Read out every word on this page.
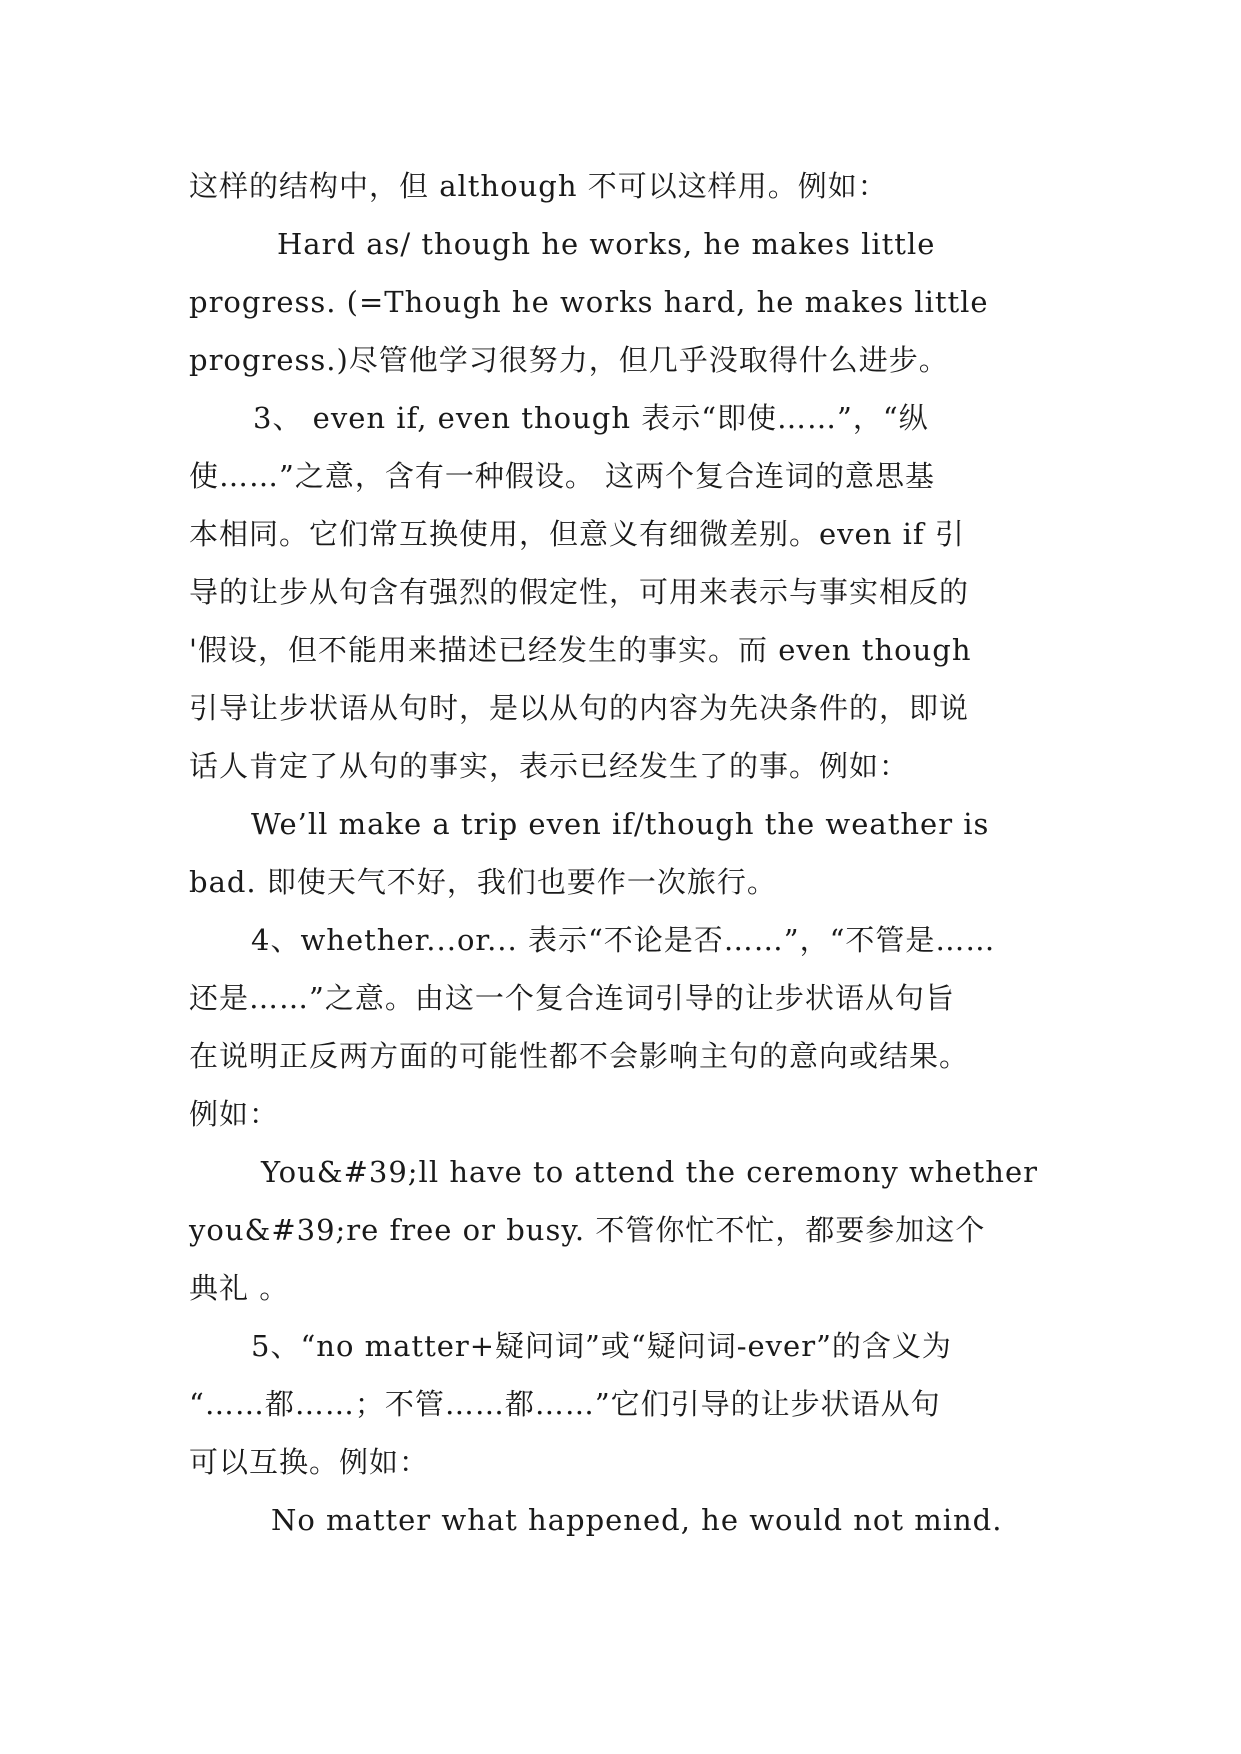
这样的结构中，但 although 不可以这样用。例如：
Hard as/ though he works, he makes little
progress. (=Though he works hard, he makes little
progress.)尽管他学习很努力，但几乎没取得什么进步。
3、 even if, even though 表示“即使……”，“纵
使……”之意，含有一种假设。 这两个复合连词的意思基
本相同。它们常互换使用，但意义有细微差别。even if 引
导的让步从句含有强烈的假定性，可用来表示与事实相反的
'假设，但不能用来描述已经发生的事实。而 even though
引导让步状语从句时，是以从句的内容为先决条件的，即说
话人肯定了从句的事实，表示已经发生了的事。例如：
We’ll make a trip even if/though the weather is
bad. 即使天气不好，我们也要作一次旅行。
4、whether...or... 表示“不论是否……”，“不管是……
还是……”之意。由这一个复合连词引导的让步状语从句旨
在说明正反两方面的可能性都不会影响主句的意向或结果。
例如：
You&#39;ll have to attend the ceremony whether
you&#39;re free or busy. 不管你忙不忙，都要参加这个
典礼 。
5、“no matter+疑问词”或“疑问词-ever”的含义为
“……都……；不管……都……”它们引导的让步状语从句
可以互换。例如：
No matter what happened, he would not mind.
